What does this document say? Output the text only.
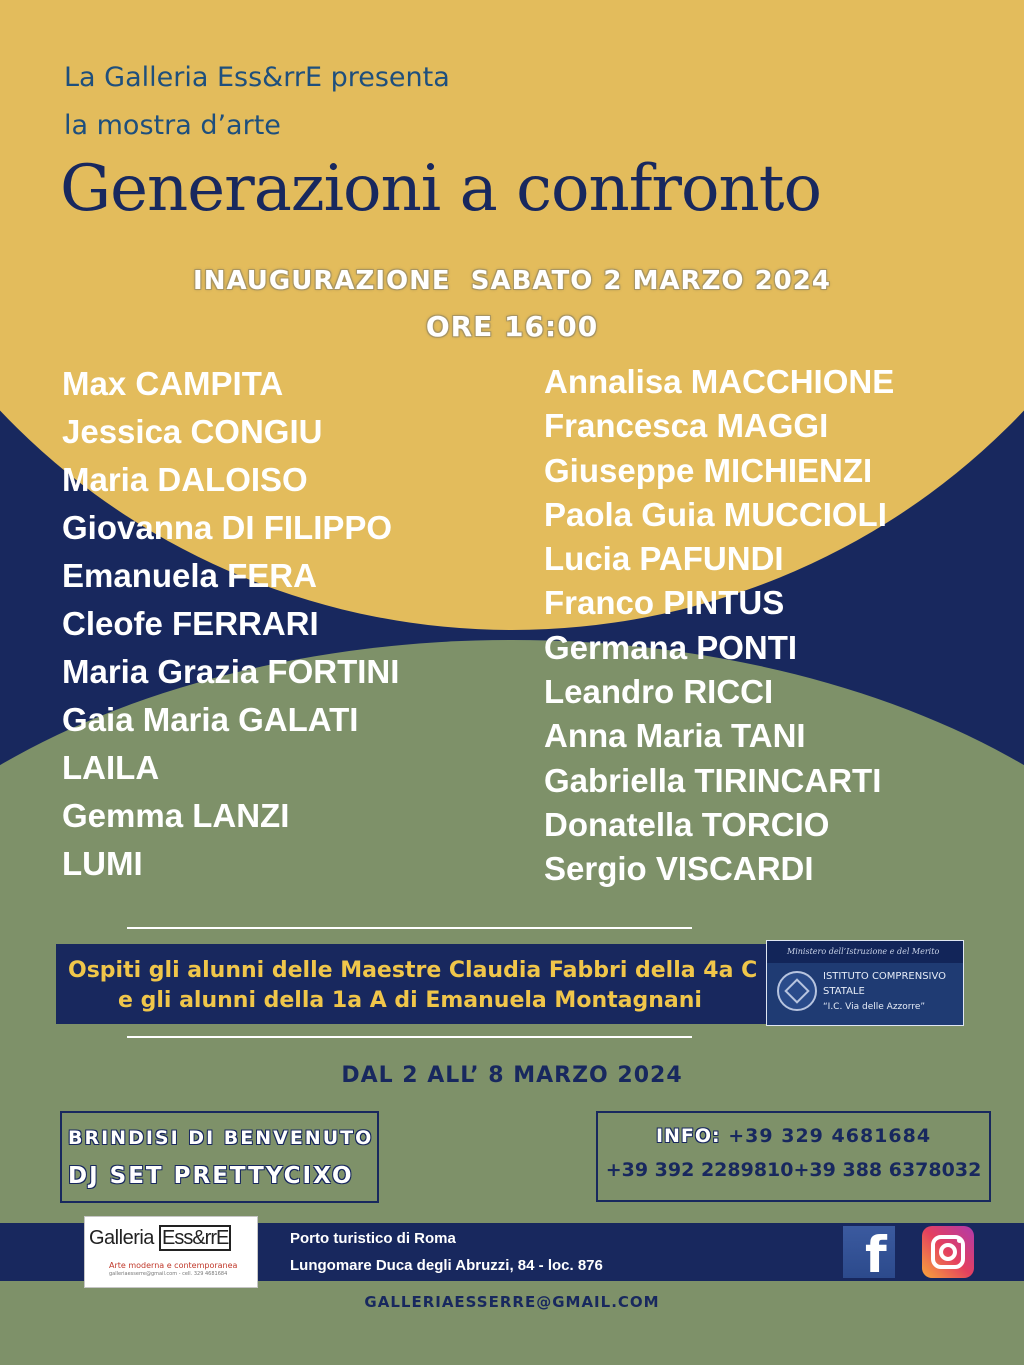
La Galleria Ess&rrE presenta
la mostra d’arte
Generazioni a confronto
INAUGURAZIONE SABATO 2 MARZO 2024
ORE 16:00
Max CAMPITA
Jessica CONGIU
Maria DALOISO
Giovanna DI FILIPPO
Emanuela FERA
Cleofe FERRARI
Maria Grazia FORTINI
Gaia Maria GALATI
LAILA
Gemma LANZI
LUMI
Annalisa MACCHIONE
Francesca MAGGI
Giuseppe MICHIENZI
Paola Guia MUCCIOLI
Lucia PAFUNDI
Franco PINTUS
Germana PONTI
Leandro RICCI
Anna Maria TANI
Gabriella TIRINCARTI
Donatella TORCIO
Sergio VISCARDI
Ospiti gli alunni delle Maestre Claudia Fabbri della 4a C
e gli alunni della 1a A di Emanuela Montagnani
Ministero dell’Istruzione e del Merito
ISTITUTO COMPRENSIVO
STATALE
“I.C. Via delle Azzorre”
DAL 2 ALL’ 8 MARZO 2024
BRINDISI DI BENVENUTO
DJ SET PRETTYCIXO
INFO: +39 329 4681684
+39 392 2289810+39 388 6378032
Galleria Ess&rrE
Arte moderna e contemporanea
galleriaesserre@gmail.com - cell. 329 4681684
Porto turistico di Roma
Lungomare Duca degli Abruzzi, 84 - loc. 876	f
GALLERIAESSERRE@GMAIL.COM
